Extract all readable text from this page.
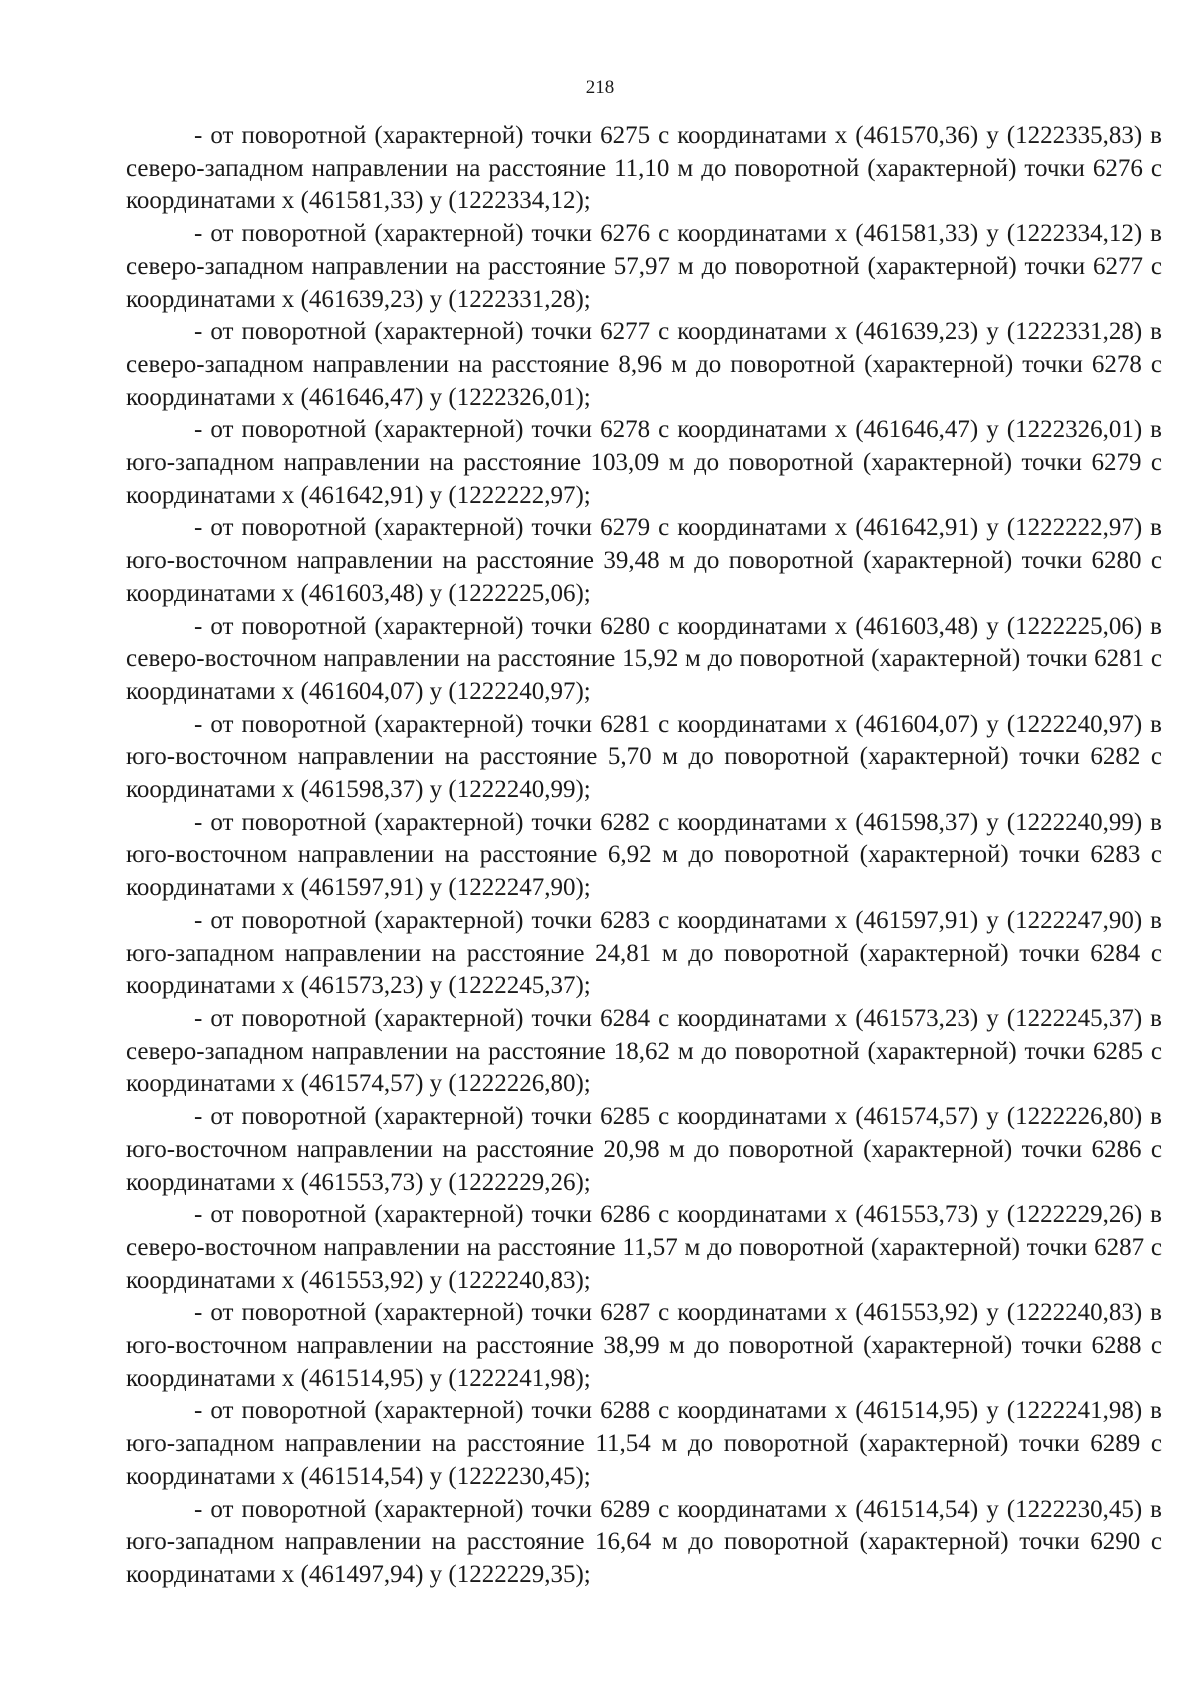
218

- от поворотной (характерной) точки 6275 с координатами х (461570,36) у (1222335,83) в северо-западном направлении на расстояние 11,10 м до поворотной (характерной) точки 6276 с координатами х (461581,33) у (1222334,12);

- от поворотной (характерной) точки 6276 с координатами х (461581,33) у (1222334,12) в северо-западном направлении на расстояние 57,97 м до поворотной (характерной) точки 6277 с координатами х (461639,23) у (1222331,28);

- от поворотной (характерной) точки 6277 с координатами х (461639,23) у (1222331,28) в северо-западном направлении на расстояние 8,96 м до поворотной (характерной) точки 6278 с координатами х (461646,47) у (1222326,01);

- от поворотной (характерной) точки 6278 с координатами х (461646,47) у (1222326,01) в юго-западном направлении на расстояние 103,09 м до поворотной (характерной) точки 6279 с координатами х (461642,91) у (1222222,97);

- от поворотной (характерной) точки 6279 с координатами х (461642,91) у (1222222,97) в юго-восточном направлении на расстояние 39,48 м до поворотной (характерной) точки 6280 с координатами х (461603,48) у (1222225,06);

- от поворотной (характерной) точки 6280 с координатами х (461603,48) у (1222225,06) в северо-восточном направлении на расстояние 15,92 м до поворотной (характерной) точки 6281 с координатами х (461604,07) у (1222240,97);

- от поворотной (характерной) точки 6281 с координатами х (461604,07) у (1222240,97) в юго-восточном направлении на расстояние 5,70 м до поворотной (характерной) точки 6282 с координатами х (461598,37) у (1222240,99);

- от поворотной (характерной) точки 6282 с координатами х (461598,37) у (1222240,99) в юго-восточном направлении на расстояние 6,92 м до поворотной (характерной) точки 6283 с координатами х (461597,91) у (1222247,90);

- от поворотной (характерной) точки 6283 с координатами х (461597,91) у (1222247,90) в юго-западном направлении на расстояние 24,81 м до поворотной (характерной) точки 6284 с координатами х (461573,23) у (1222245,37);

- от поворотной (характерной) точки 6284 с координатами х (461573,23) у (1222245,37) в северо-западном направлении на расстояние 18,62 м до поворотной (характерной) точки 6285 с координатами х (461574,57) у (1222226,80);

- от поворотной (характерной) точки 6285 с координатами х (461574,57) у (1222226,80) в юго-восточном направлении на расстояние 20,98 м до поворотной (характерной) точки 6286 с координатами х (461553,73) у (1222229,26);

- от поворотной (характерной) точки 6286 с координатами х (461553,73) у (1222229,26) в северо-восточном направлении на расстояние 11,57 м до поворотной (характерной) точки 6287 с координатами х (461553,92) у (1222240,83);

- от поворотной (характерной) точки 6287 с координатами х (461553,92) у (1222240,83) в юго-восточном направлении на расстояние 38,99 м до поворотной (характерной) точки 6288 с координатами х (461514,95) у (1222241,98);

- от поворотной (характерной) точки 6288 с координатами х (461514,95) у (1222241,98) в юго-западном направлении на расстояние 11,54 м до поворотной (характерной) точки 6289 с координатами х (461514,54) у (1222230,45);

- от поворотной (характерной) точки 6289 с координатами х (461514,54) у (1222230,45) в юго-западном направлении на расстояние 16,64 м до поворотной (характерной) точки 6290 с координатами х (461497,94) у (1222229,35);
